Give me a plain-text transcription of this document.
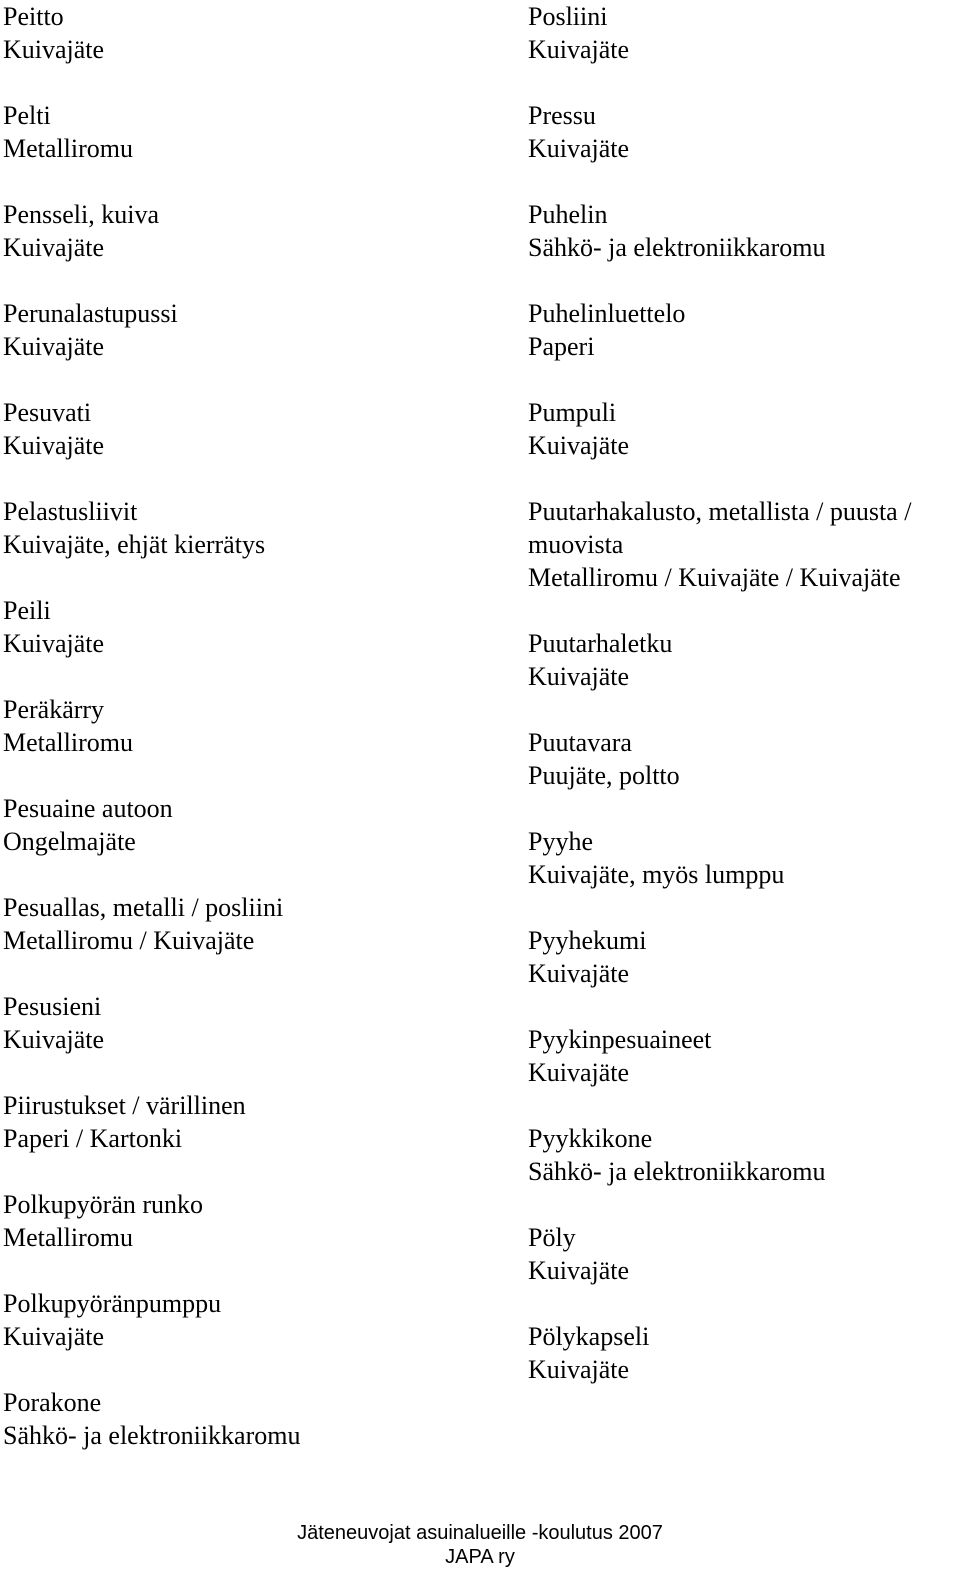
Peitto
Kuivajäte
Pelti
Metalliromu
Pensseli, kuiva
Kuivajäte
Perunalastupussi
Kuivajäte
Pesuvati
Kuivajäte
Pelastusliivit
Kuivajäte, ehjät kierrätys
Peili
Kuivajäte
Peräkärry
Metalliromu
Pesuaine autoon
Ongelmajäte
Pesuallas, metalli / posliini
Metalliromu / Kuivajäte
Pesusieni
Kuivajäte
Piirustukset / värillinen
Paperi / Kartonki
Polkupyörän runko
Metalliromu
Polkupyöränpumppu
Kuivajäte
Porakone
Sähkö- ja elektroniikkaromu
Posliini
Kuivajäte
Pressu
Kuivajäte
Puhelin
Sähkö- ja elektroniikkaromu
Puhelinluettelo
Paperi
Pumpuli
Kuivajäte
Puutarhakalusto, metallista / puusta / muovista
Metalliromu / Kuivajäte / Kuivajäte
Puutarhaletku
Kuivajäte
Puutavara
Puujäte, poltto
Pyyhe
Kuivajäte, myös lumppu
Pyyhekumi
Kuivajäte
Pyykinpesuaineet
Kuivajäte
Pyykkikone
Sähkö- ja elektroniikkaromu
Pöly
Kuivajäte
Pölykapseli
Kuivajäte
Jäteneuvojat asuinalueille -koulutus 2007
JAPA ry
